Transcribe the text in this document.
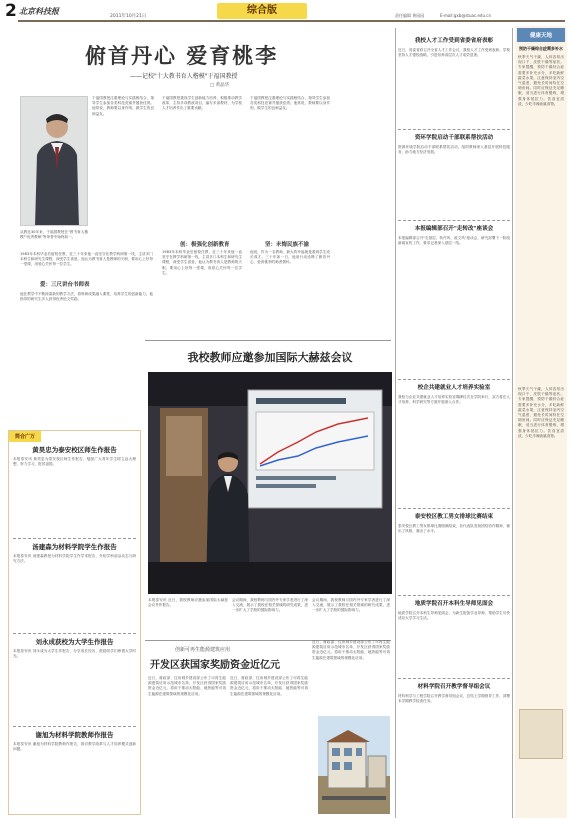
2 北京科技报
2011年10月21日
综合版	责任编辑 黄园园	E-mail:gxb@stuac.edu.cn
俯首丹心 爱育桃李
——记校"十大教书育人楷模"于福国教授
□ 黄晶华
从教近30年来，于福国教授在"教书育人楷模""优秀教师"等荣誉中始终如一。
1983年本科毕业后留校任教，近三十年来他一直坚守在教学科研第一线，主讲多门本科生和研究生课程，深受学生喜爱。他认为教书育人是教师的天职，要用心上好每一堂课，用爱心关怀每一位学生。
于福国教授注重理论与实践相结合，指导学生参加各类科技竞赛并屡获佳绩。他常说，教师要以身作则，做学生的良师益友。
爱：三尺讲台书师表
他在教学中不断探索新的教学方法，将科研成果融入课堂，培养学生的创新能力。他指导的研究生多人获得优秀论文奖励。
于福国教授重视学生创新能力培养，积极推动教学改革，主持多项教改项目，编写多部教材，为学校人才培养作出了重要贡献。
创：极强化创新教育
1983年本科毕业后留校任教，近三十年来他一直坚守在教学科研第一线，主讲多门本科生和研究生课程，深受学生喜爱。他认为教书育人是教师的天职，要用心上好每一堂课，用爱心关怀每一位学生。
于福国教授注重理论与实践相结合，指导学生参加各类科技竞赛并屡获佳绩。他常说，教师要以身作则，做学生的良师益友。
坚：未悔民族不渝
他说，作为一名教师，最大的幸福就是看到学生成长成才。三十年如一日，他用行动诠释了俯首丹心、爱育桃李的师者情怀。
我校人才工作受到省委省府表彰
近日，省委省府召开全省人才工作会议，我校人才工作受到表彰。学校坚持人才强校战略，引进培养高层次人才成效显著。
资环学院启动千部联系帮扶活动
资源环境学院启动千部联系帮扶活动，组织教师深入基层开展科技服务，助力地方经济发展。
本报编辑部召开"走转改"座谈会
本报编辑部召开"走基层、转作风、改文风"座谈会，研究部署下一阶段新闻宣传工作，要求记者深入基层一线。
校企共建就业人才培养实验室
我校与企业共建就业人才培养实验室揭牌仪式在学院举行，双方将在人才培养、科学研究等方面开展深入合作。
泰安校区教工男女排球比赛结束
泰安校区教工男女排球比赛圆满结束，各代表队发扬团结协作精神，赛出了风格，赛出了水平。
地质学院召开本科生导师见面会
地质学院召开本科生导师见面会，为新生配备学业导师，帮助学生尽快适应大学学习生活。
材料学院召开教学督导组会议
材料科学与工程学院召开教学督导组会议，总结上学期督导工作，部署本学期教学检查任务。
健康天地
预防干燥综合症需多补水
秋季天气干燥，人体容易出现口干、皮肤干燥等症状。专家提醒，预防干燥综合症需要多补充水分，多吃新鲜蔬菜水果，注意保持室内空气湿度，避免长时间待在空调房间。同时应保证充足睡眠，适当进行体育锻炼，增强身体抵抗力。饮食宜清淡，少吃辛辣油腻食物。
秋季天气干燥，人体容易出现口干、皮肤干燥等症状。专家提醒，预防干燥综合症需要多补充水分，多吃新鲜蔬菜水果，注意保持室内空气湿度，避免长时间待在空调房间。同时应保证充足睡眠，适当进行体育锻炼，增强身体抵抗力。饮食宜清淡，少吃辛辣油腻食物。
简合广万
黄昊忠为泰安校区师生作报告
本报泰安讯 黄昊忠为泰安校区师生作报告，勉励广大青年学生树立远大理想，努力学习，报效祖国。
汤建森为材料学院学生作报告
本报泰安讯 汤建森教授为材料学院学生作学术报告，介绍学科前沿动态与研究方法。
刘永成获校为大学生作报告
本报泰安讯 刘永成为大学生作报告，分享成长经历，鼓励同学们珍惜大学时光。
谢旭为材料学院教师作报告
本报泰安讯 谢旭为材料学院教师作报告，探讨教学改革与人才培养模式创新问题。
我校教师应邀参加国际大赫兹会议
本报泰安讯 近日，我校教师应邀参加国际太赫兹会议并作报告。
会议期间，我校教师与国内外专家学者进行了深入交流，展示了我校在相关领域的研究成果，进一步扩大了学校的国际影响力。
会议期间，我校教师与国内外专家学者进行了深入交流，展示了我校在相关领域的研究成果，进一步扩大了学校的国际影响力。
创新可再生能源建筑应用
开发区获国家奖励资金近亿元
近日，财政部、住房城乡建设部公布了可再生能源建筑应用示范城市名单，开发区获得国家奖励资金近亿元，将用于推动太阳能、地热能等可再生能源在建筑领域的规模化应用。
近日，财政部、住房城乡建设部公布了可再生能源建筑应用示范城市名单，开发区获得国家奖励资金近亿元，将用于推动太阳能、地热能等可再生能源在建筑领域的规模化应用。
近日，财政部、住房城乡建设部公布了可再生能源建筑应用示范城市名单，开发区获得国家奖励资金近亿元，将用于推动太阳能、地热能等可再生能源在建筑领域的规模化应用。
